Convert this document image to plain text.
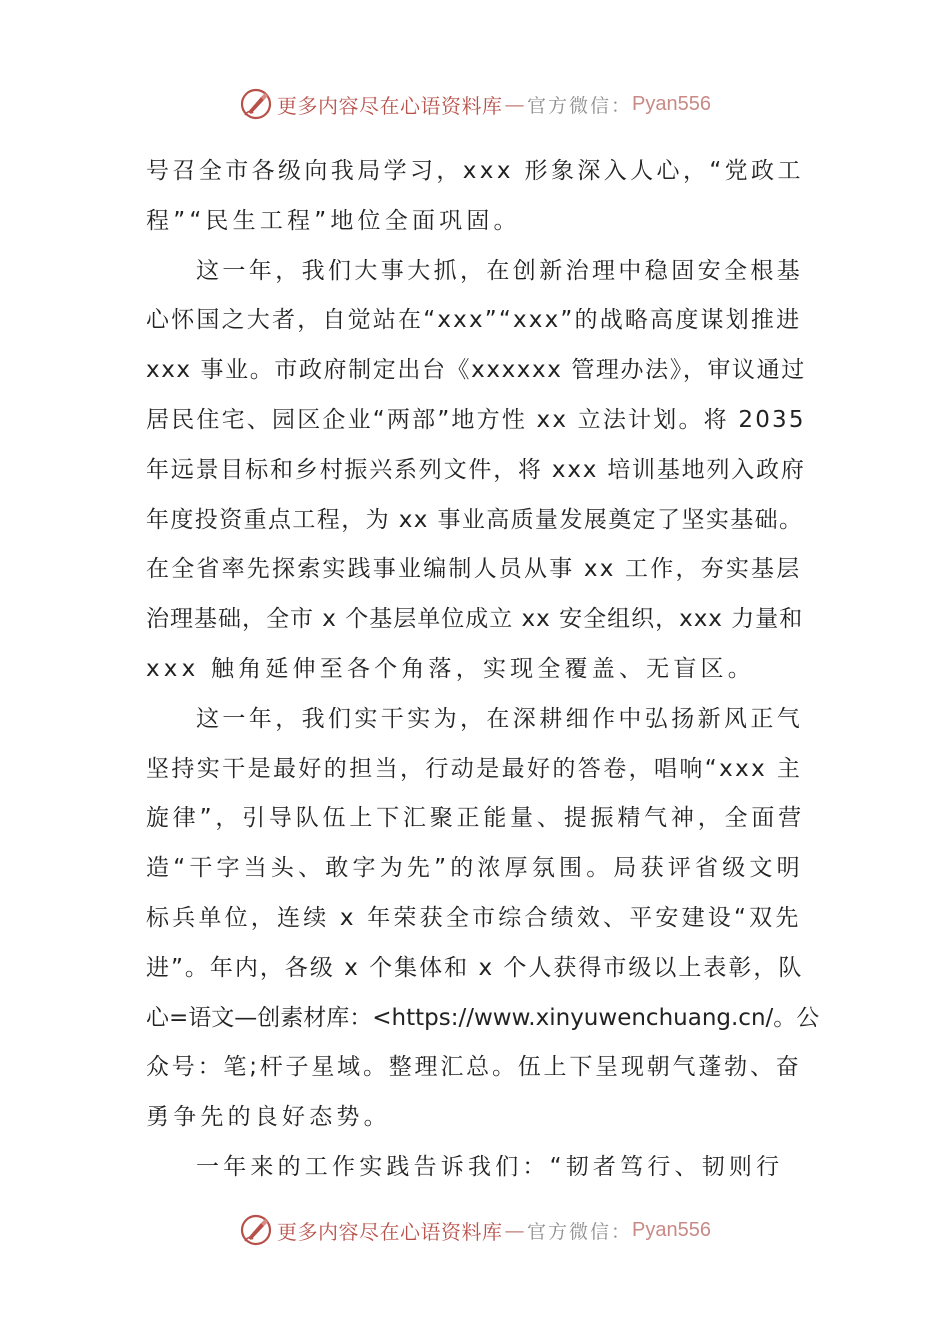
更多内容尽在心语资料库 — 官方微信： Pyan556

号召全市各级向我局学习，xxx 形象深入人心，“党政工
程”“民生工程”地位全面巩固。

这一年，我们大事大抓，在创新治理中稳固安全根基
心怀国之大者，自觉站在“xxx”“xxx”的战略高度谋划推进
xxx 事业。市政府制定出台《xxxxxx 管理办法》，审议通过
居民住宅、园区企业“两部”地方性 xx 立法计划。将 2035
年远景目标和乡村振兴系列文件，将 xxx 培训基地列入政府
年度投资重点工程，为 xx 事业高质量发展奠定了坚实基础。
在全省率先探索实践事业编制人员从事 xx 工作，夯实基层
治理基础，全市 x 个基层单位成立 xx 安全组织，xxx 力量和
xxx 触角延伸至各个角落，实现全覆盖、无盲区。

这一年，我们实干实为，在深耕细作中弘扬新风正气
坚持实干是最好的担当，行动是最好的答卷，唱响“xxx 主
旋律”，引导队伍上下汇聚正能量、提振精气神，全面营
造“干字当头、敢字为先”的浓厚氛围。局获评省级文明
标兵单位，连续 x 年荣获全市综合绩效、平安建设“双先
进”。年内，各级 x 个集体和 x 个人获得市级以上表彰，队
心=语文—创素材库：<https://www.xinyuwenchuang.cn/。公
众号：笔;杆子星域。整理汇总。伍上下呈现朝气蓬勃、奋
勇争先的良好态势。

一年来的工作实践告诉我们：“韧者笃行、韧则行

更多内容尽在心语资料库 — 官方微信： Pyan556
